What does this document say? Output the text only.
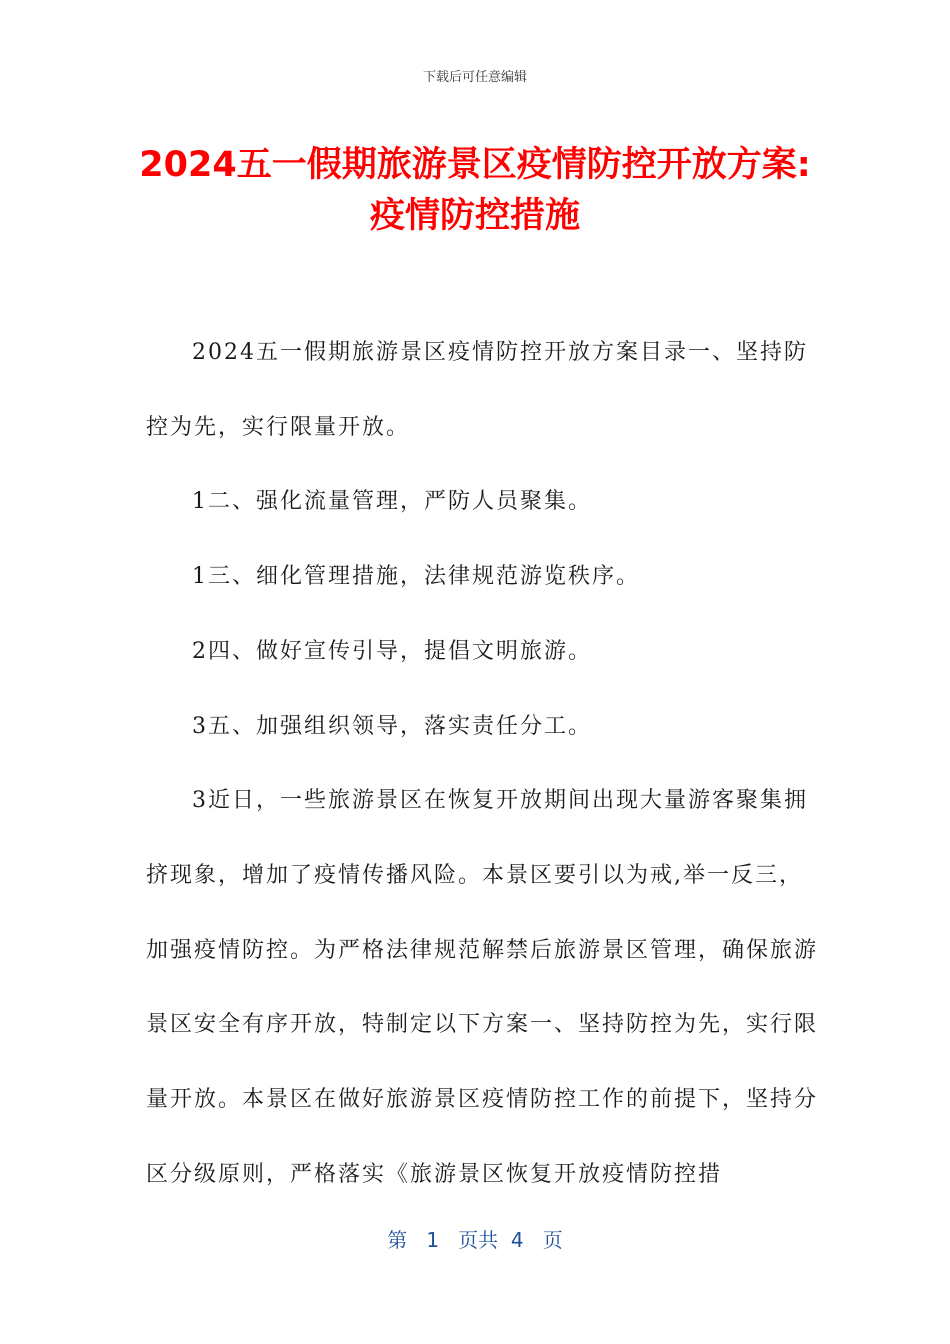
下载后可任意编辑
2024五一假期旅游景区疫情防控开放方案:
疫情防控措施

2024五一假期旅游景区疫情防控开放方案目录一、坚持防控为先，实行限量开放。

1二、强化流量管理，严防人员聚集。

1三、细化管理措施，法律规范游览秩序。

2四、做好宣传引导，提倡文明旅游。

3五、加强组织领导，落实责任分工。

3近日，一些旅游景区在恢复开放期间出现大量游客聚集拥挤现象，增加了疫情传播风险。本景区要引以为戒,举一反三，加强疫情防控。为严格法律规范解禁后旅游景区管理，确保旅游景区安全有序开放，特制定以下方案一、坚持防控为先，实行限量开放。本景区在做好旅游景区疫情防控工作的前提下，坚持分区分级原则，严格落实《旅游景区恢复开放疫情防控措

第 1 页共 4 页
